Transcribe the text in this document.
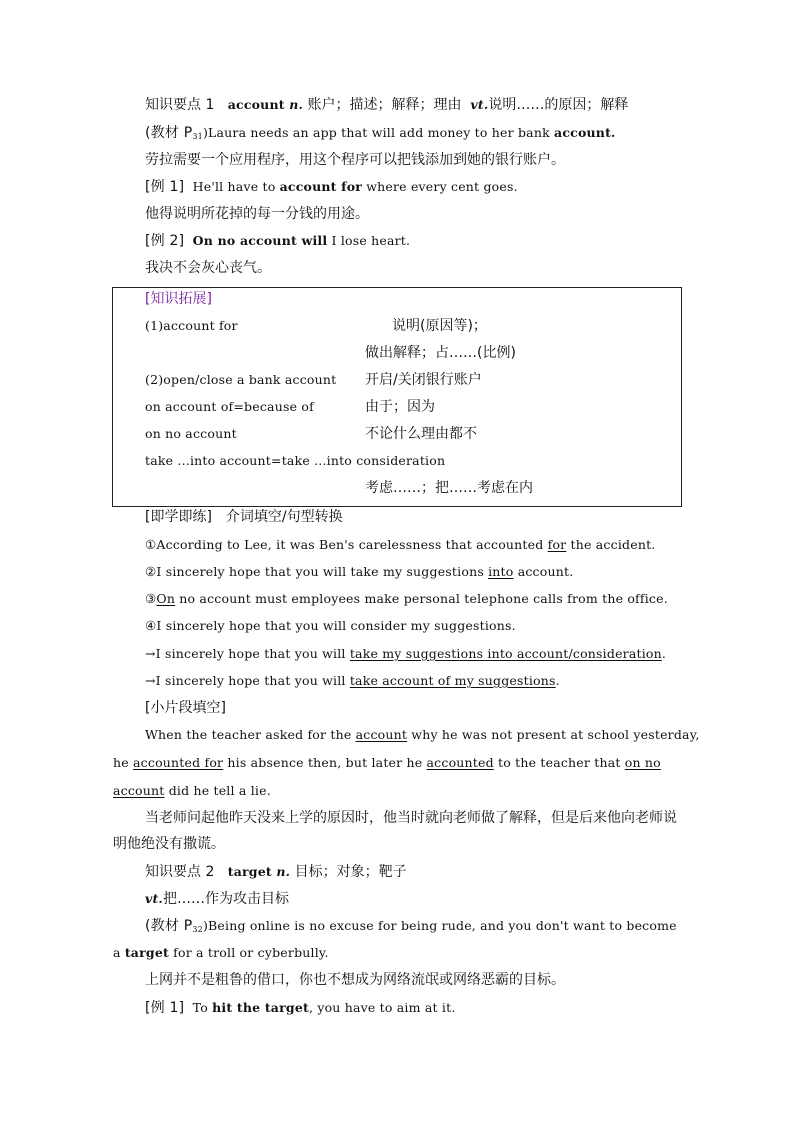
知识要点 1 account n. 账户；描述；解释；理由 vt.说明……的原因；解释
(教材 $P_{31})Laura$ needs an app that will add money to her bank account.
劳拉需要一个应用程序，用这个程序可以把钱添加到她的银行账户。
[例 1] He'll have to account for where every cent goes.
他得说明所花掉的每一分钱的用途。
[例 2] On no account will I lose heart.
我决不会灰心丧气。
[知识拓展]
(1)account for	说明(原因等)；
做出解释；占……(比例)
(2)open/close a bank account 开启/关闭银行账户
on account of=because of	由于；因为
on no account	不论什么理由都不
take ...into account=take ...into consideration
考虑……；把……考虑在内
[即学即练]　介词填空/句型转换
①According to Lee, it was Ben's carelessness that accounted for the accident.
②I sincerely hope that you will take my suggestions into account.
③On no account must employees make personal telephone calls from the office.
④I sincerely hope that you will consider my suggestions.
→I sincerely hope that you will take my suggestions into account/consideration.
→I sincerely hope that you will take account of my suggestions.
[小片段填空]
When the teacher asked for the account why he was not present at school yesterday,
he accounted for his absence then, but later he accounted to the teacher that on no
account did he tell a lie.
当老师问起他昨天没来上学的原因时，他当时就向老师做了解释，但是后来他向老师说
明他绝没有撒谎。
知识要点 2 target n. 目标；对象；靶子
vt.把……作为攻击目标
(教材 $P_{32})Being$ online is no excuse for being rude, and you don't want to become
a target for a troll or cyberbully.
上网并不是粗鲁的借口，你也不想成为网络流氓或网络恶霸的目标。
[例 1] To hit the target, you have to aim at it.
